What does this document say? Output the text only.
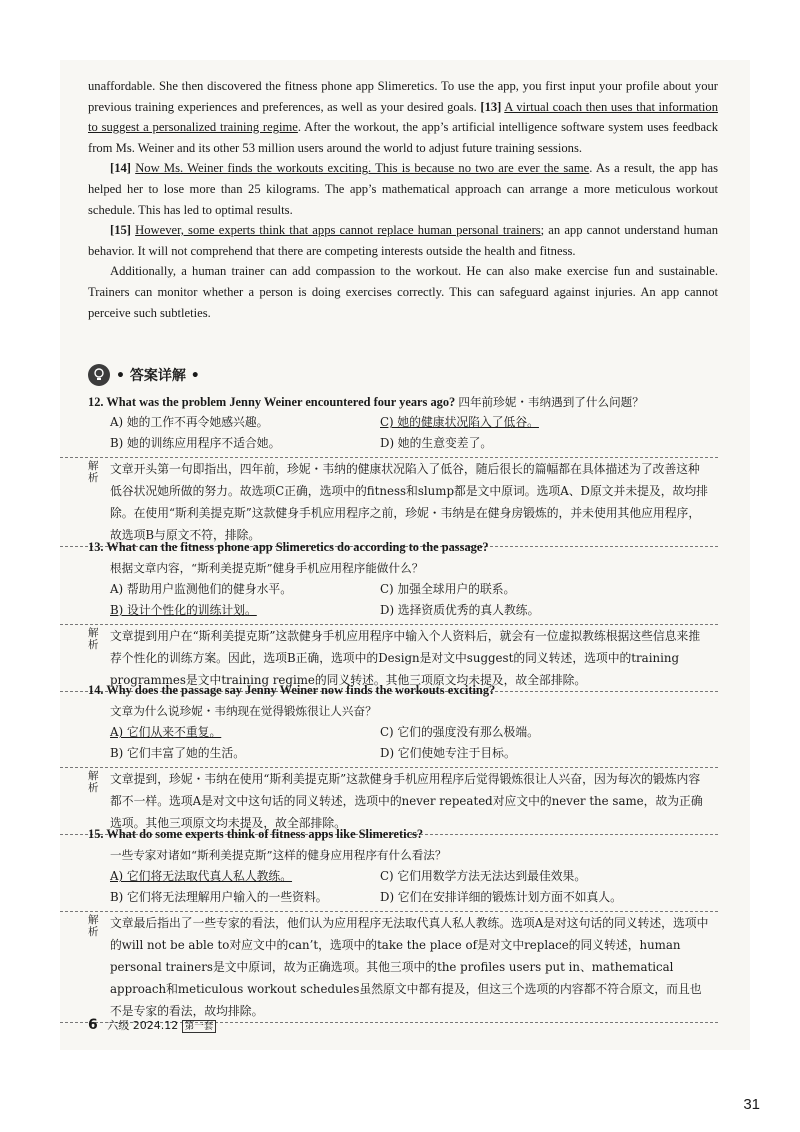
unaffordable. She then discovered the fitness phone app Slimeretics. To use the app, you first input your profile about your previous training experiences and preferences, as well as your desired goals. [13] A virtual coach then uses that information to suggest a personalized training regime. After the workout, the app’s artificial intelligence software system uses feedback from Ms. Weiner and its other 53 million users around the world to adjust future training sessions.

[14] Now Ms. Weiner finds the workouts exciting. This is because no two are ever the same. As a result, the app has helped her to lose more than 25 kilograms. The app’s mathematical approach can arrange a more meticulous workout schedule. This has led to optimal results.

[15] However, some experts think that apps cannot replace human personal trainers; an app cannot understand human behavior. It will not comprehend that there are competing interests outside the health and fitness.

Additionally, a human trainer can add compassion to the workout. He can also make exercise fun and sustainable. Trainers can monitor whether a person is doing exercises correctly. This can safeguard against injuries. An app cannot perceive such subtleties.

• 答案详解 •
12. What was the problem Jenny Weiner encountered four years ago? 四年前珍妮・韦纳遇到了什么问题？
A) 她的工作不再令她感兴趣。	C) 她的健康状况陷入了低谷。
B) 她的训练应用程序不适合她。	D) 她的生意变差了。
解
析
文章开头第一句即指出，四年前，珍妮・韦纳的健康状况陷入了低谷，随后很长的篇幅都在具体描述为了改善这种低谷状况她所做的努力。故选项C正确，选项中的fitness和slump都是文中原词。选项A、D原文并未提及，故均排除。在使用“斯利美提克斯”这款健身手机应用程序之前，珍妮・韦纳是在健身房锻炼的，并未使用其他应用程序，故选项B与原文不符，排除。
13. What can the fitness phone app Slimeretics do according to the passage?
根据文章内容，“斯利美提克斯”健身手机应用程序能做什么？
A) 帮助用户监测他们的健身水平。	C) 加强全球用户的联系。
B) 设计个性化的训练计划。	D) 选择资质优秀的真人教练。
解
析
文章提到用户在“斯利美提克斯”这款健身手机应用程序中输入个人资料后，就会有一位虚拟教练根据这些信息来推荐个性化的训练方案。因此，选项B正确，选项中的Design是对文中suggest的同义转述，选项中的training programmes是文中training regime的同义转述。其他三项原文均未提及，故全部排除。
14. Why does the passage say Jenny Weiner now finds the workouts exciting?
文章为什么说珍妮・韦纳现在觉得锻炼很让人兴奋？
A) 它们从来不重复。	C) 它们的强度没有那么极端。
B) 它们丰富了她的生活。	D) 它们使她专注于目标。
解
析
文章提到，珍妮・韦纳在使用“斯利美提克斯”这款健身手机应用程序后觉得锻炼很让人兴奋，因为每次的锻炼内容都不一样。选项A是对文中这句话的同义转述，选项中的never repeated对应文中的never the same，故为正确选项。其他三项原文均未提及，故全部排除。
15. What do some experts think of fitness apps like Slimeretics?
一些专家对诸如“斯利美提克斯”这样的健身应用程序有什么看法？
A) 它们将无法取代真人私人教练。	C) 它们用数学方法无法达到最佳效果。
B) 它们将无法理解用户输入的一些资料。	D) 它们在安排详细的锻炼计划方面不如真人。
解
析
文章最后指出了一些专家的看法，他们认为应用程序无法取代真人私人教练。选项A是对这句话的同义转述，选项中的will not be able to对应文中的can’t，选项中的take the place of是对文中replace的同义转述，human personal trainers是文中原词，故为正确选项。其他三项中的the profiles users put in、mathematical approach和meticulous workout schedules虽然原文中都有提及，但这三个选项的内容都不符合原文，而且也不是专家的看法，故均排除。
6 六级 2024.12 第一套
31
